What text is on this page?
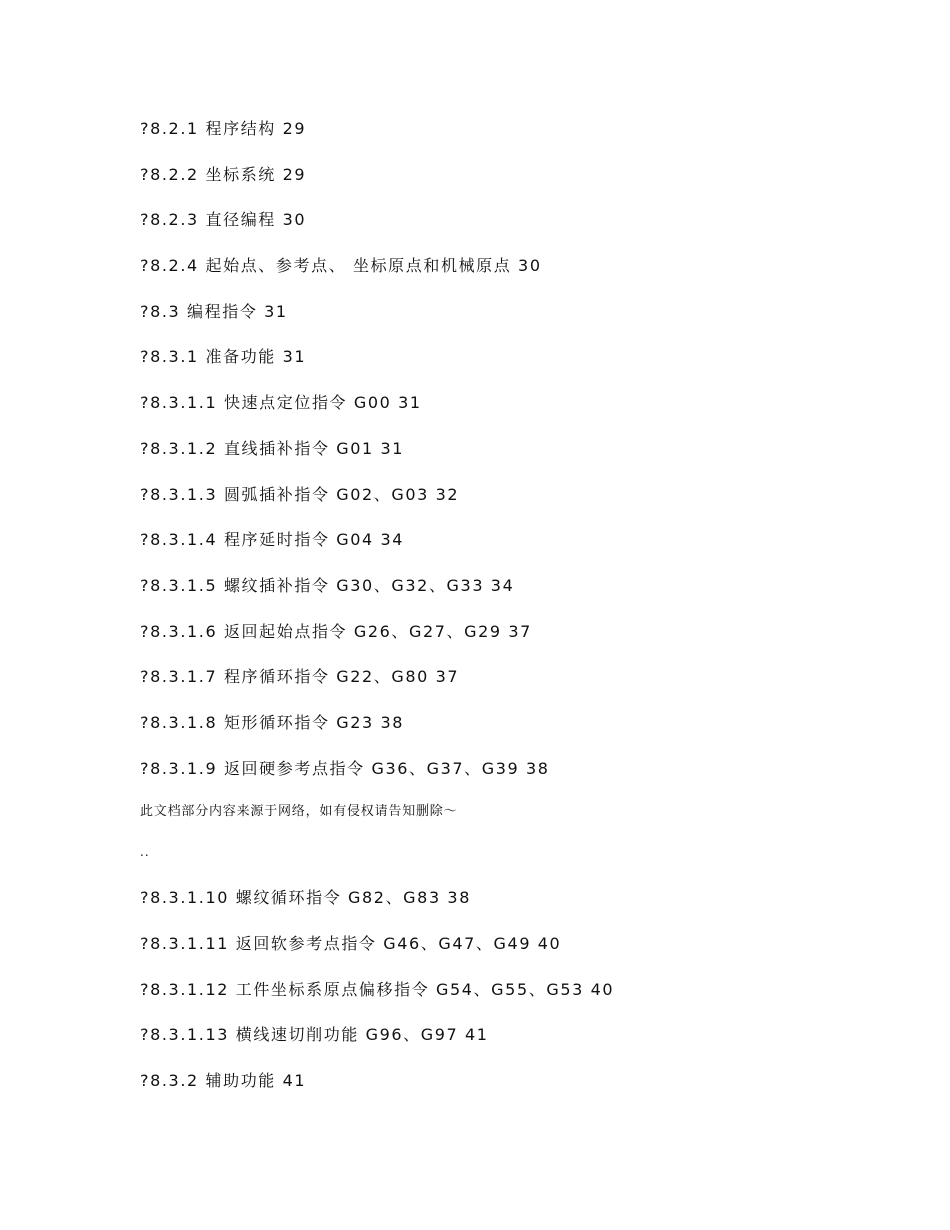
?8.2.1 程序结构 29
?8.2.2 坐标系统 29
?8.2.3 直径编程 30
?8.2.4 起始点、参考点、 坐标原点和机械原点 30
?8.3 编程指令 31
?8.3.1 准备功能 31
?8.3.1.1 快速点定位指令 G00 31
?8.3.1.2 直线插补指令 G01 31
?8.3.1.3 圆弧插补指令 G02、G03 32
?8.3.1.4 程序延时指令 G04 34
?8.3.1.5 螺纹插补指令 G30、G32、G33 34
?8.3.1.6 返回起始点指令 G26、G27、G29 37
?8.3.1.7 程序循环指令 G22、G80 37
?8.3.1.8 矩形循环指令 G23 38
?8.3.1.9 返回硬参考点指令 G36、G37、G39 38
此文档部分内容来源于网络，如有侵权请告知删除～
..
?8.3.1.10 螺纹循环指令 G82、G83 38
?8.3.1.11 返回软参考点指令 G46、G47、G49 40
?8.3.1.12 工件坐标系原点偏移指令 G54、G55、G53 40
?8.3.1.13 横线速切削功能 G96、G97 41
?8.3.2 辅助功能 41
